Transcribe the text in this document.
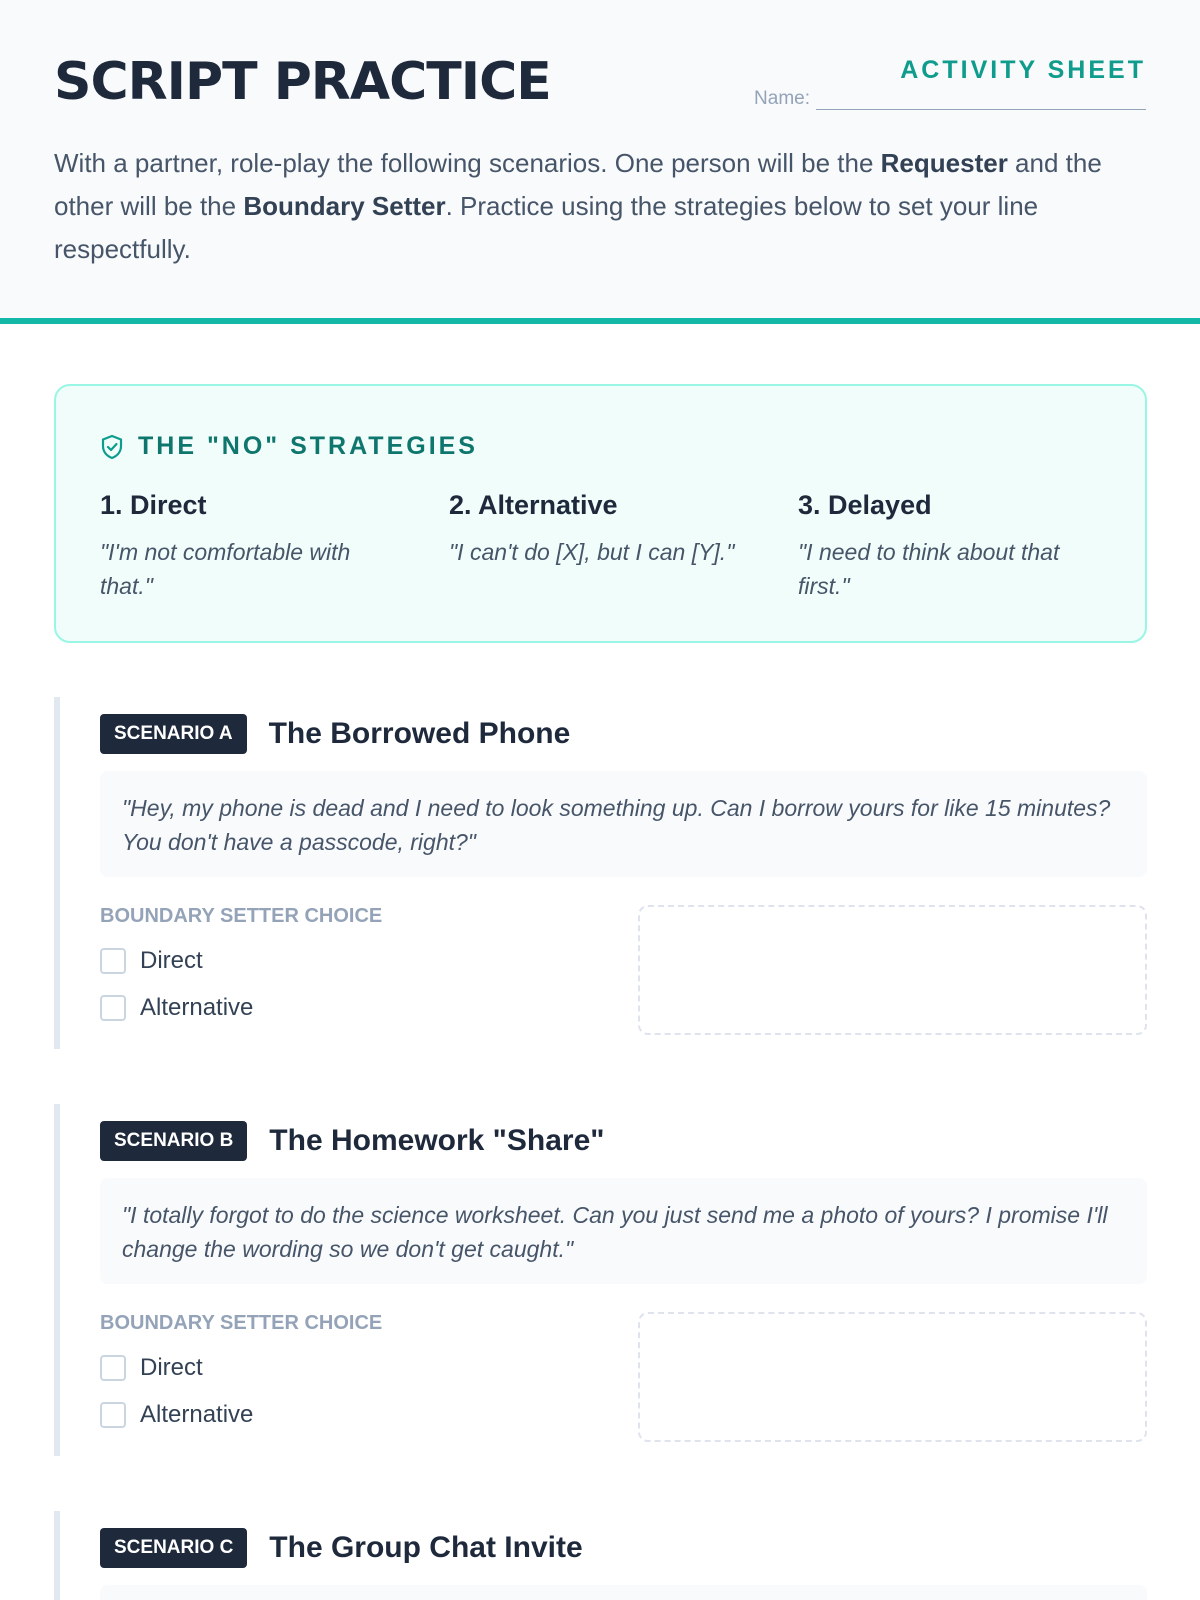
SCRIPT PRACTICE	ACTIVITY SHEET
Name:

With a partner, role-play the following scenarios. One person will be the Requester and the other will be the Boundary Setter. Practice using the strategies below to set your line respectfully.

THE "NO" STRATEGIES
1. Direct
"I'm not comfortable with that."
2. Alternative
"I can't do [X], but I can [Y]."
3. Delayed
"I need to think about that first."
SCENARIO A	The Borrowed Phone
"Hey, my phone is dead and I need to look something up. Can I borrow yours for like 15 minutes? You don't have a passcode, right?"
BOUNDARY SETTER CHOICE
Direct
Alternative
SCENARIO B	The Homework "Share"
"I totally forgot to do the science worksheet. Can you just send me a photo of yours? I promise I'll change the wording so we don't get caught."
BOUNDARY SETTER CHOICE
Direct
Alternative
SCENARIO C	The Group Chat Invite
